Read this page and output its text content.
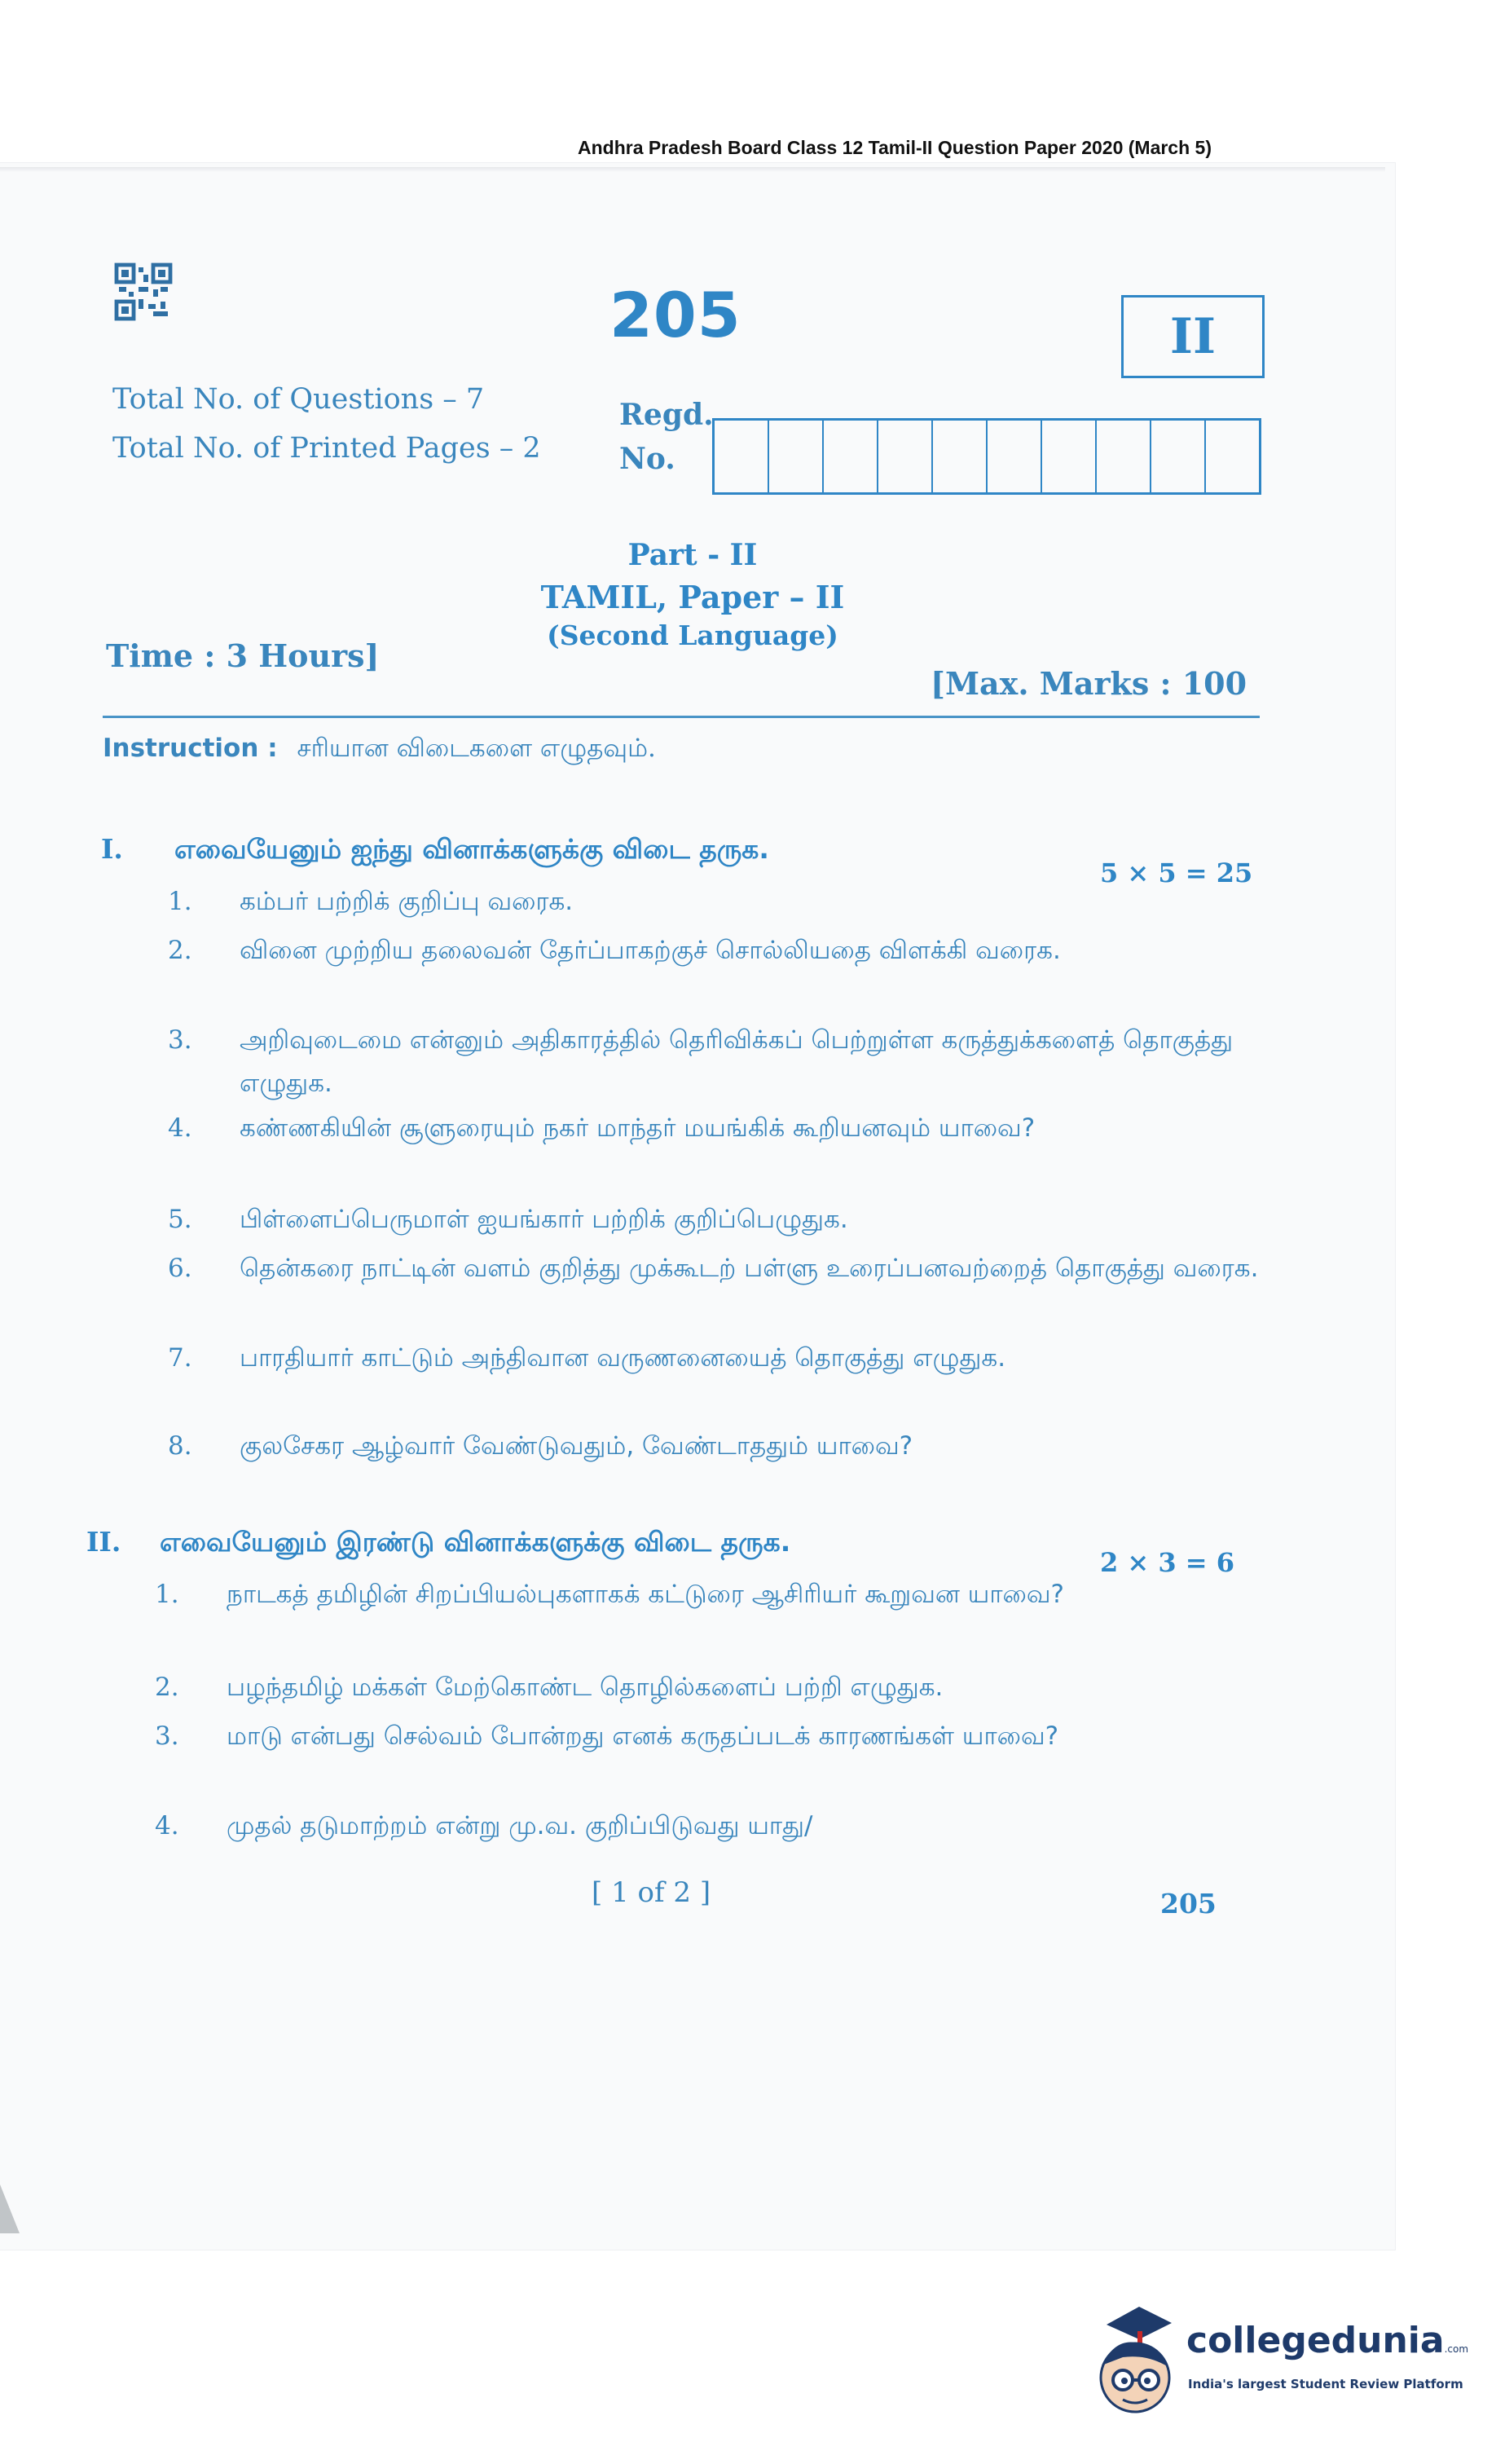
Andhra Pradesh Board Class 12 Tamil-II Question Paper 2020 (March 5)
205	II
Total No. of Questions – 7
Total No. of Printed Pages – 2
Regd.
No.
Part - II
TAMIL, Paper – II
(Second Language)
Time : 3 Hours]
[Max. Marks : 100
Instruction : சரியான விடைகளை எழுதவும்.
I. எவையேனும் ஐந்து வினாக்களுக்கு விடை தருக.
5 × 5 = 25
1.	கம்பர் பற்றிக் குறிப்பு வரைக.
2.	வினை முற்றிய தலைவன் தேர்ப்பாகற்குச் சொல்லியதை விளக்கி வரைக.
3.	அறிவுடைமை என்னும் அதிகாரத்தில் தெரிவிக்கப் பெற்றுள்ள கருத்துக்களைத் தொகுத்து எழுதுக.
4.	கண்ணகியின் சூளுரையும் நகர் மாந்தர் மயங்கிக் கூறியனவும் யாவை?
5.	பிள்ளைப்பெருமாள் ஐயங்கார் பற்றிக் குறிப்பெழுதுக.
6.	தென்கரை நாட்டின் வளம் குறித்து முக்கூடற் பள்ளு உரைப்பனவற்றைத் தொகுத்து வரைக.
7.	பாரதியார் காட்டும் அந்திவான வருணனையைத் தொகுத்து எழுதுக.
8.	குலசேகர ஆழ்வார் வேண்டுவதும், வேண்டாததும் யாவை?
II. எவையேனும் இரண்டு வினாக்களுக்கு விடை தருக.
2 × 3 = 6
1.	நாடகத் தமிழின் சிறப்பியல்புகளாகக் கட்டுரை ஆசிரியர் கூறுவன யாவை?
2.	பழந்தமிழ் மக்கள் மேற்கொண்ட தொழில்களைப் பற்றி எழுதுக.
3.	மாடு என்பது செல்வம் போன்றது எனக் கருதப்படக் காரணங்கள் யாவை?
4.	முதல் தடுமாற்றம் என்று மு.வ. குறிப்பிடுவது யாது/
[ 1 of 2 ]	205
collegedunia.com
India's largest Student Review Platform
